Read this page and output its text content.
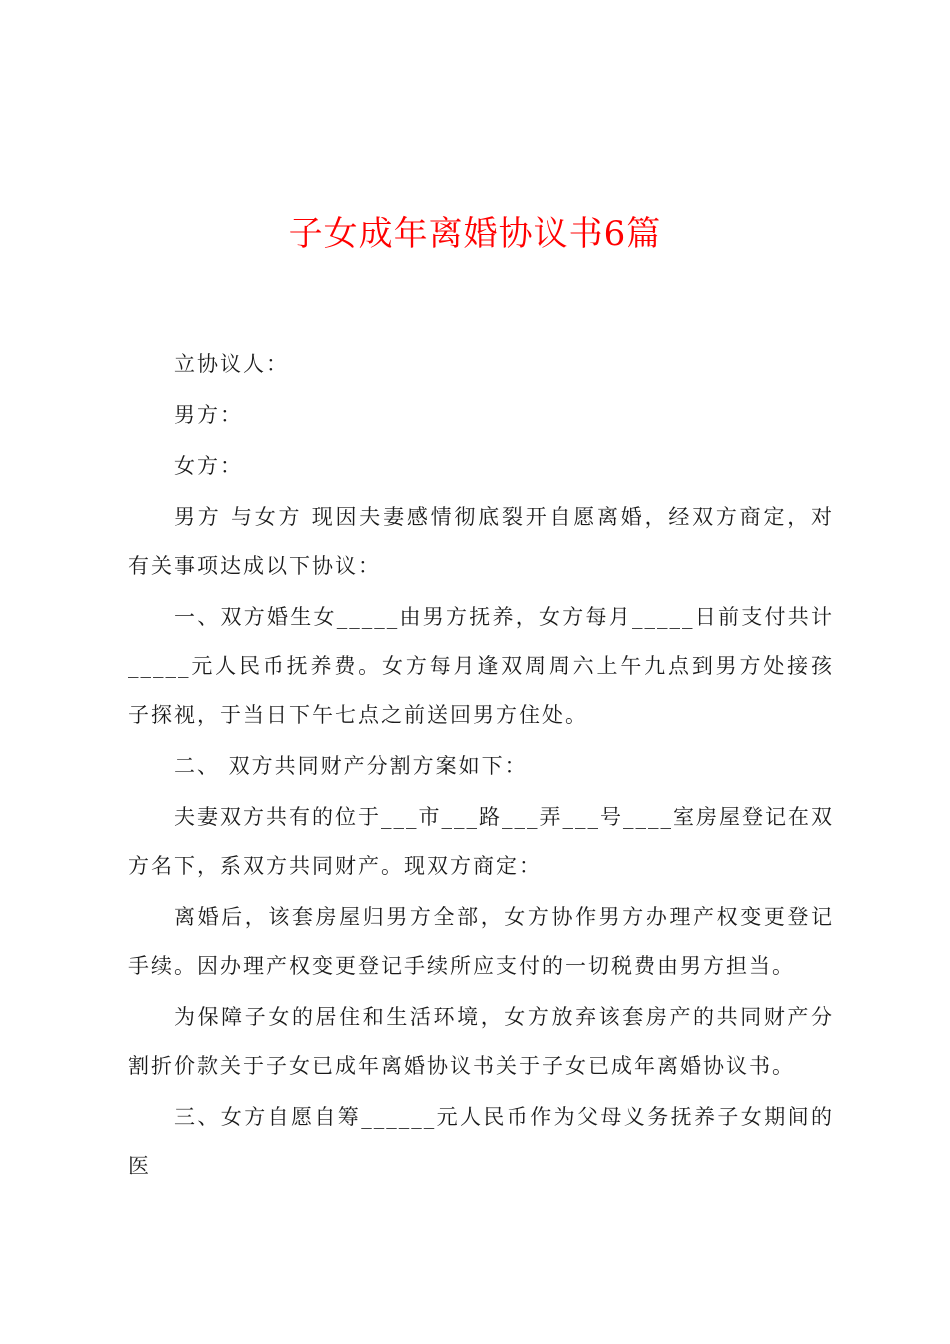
子女成年离婚协议书6篇

立协议人：

男方：

女方：

男方 与女方 现因夫妻感情彻底裂开自愿离婚，经双方商定，对有关事项达成以下协议：

一、双方婚生女_____由男方抚养，女方每月_____日前支付共计_____元人民币抚养费。女方每月逢双周周六上午九点到男方处接孩子探视，于当日下午七点之前送回男方住处。

二、 双方共同财产分割方案如下：

夫妻双方共有的位于___市___路___弄___号____室房屋登记在双方名下，系双方共同财产。现双方商定：

离婚后，该套房屋归男方全部，女方协作男方办理产权变更登记手续。因办理产权变更登记手续所应支付的一切税费由男方担当。

为保障子女的居住和生活环境，女方放弃该套房产的共同财产分割折价款关于子女已成年离婚协议书关于子女已成年离婚协议书。

三、女方自愿自筹______元人民币作为父母义务抚养子女期间的医
